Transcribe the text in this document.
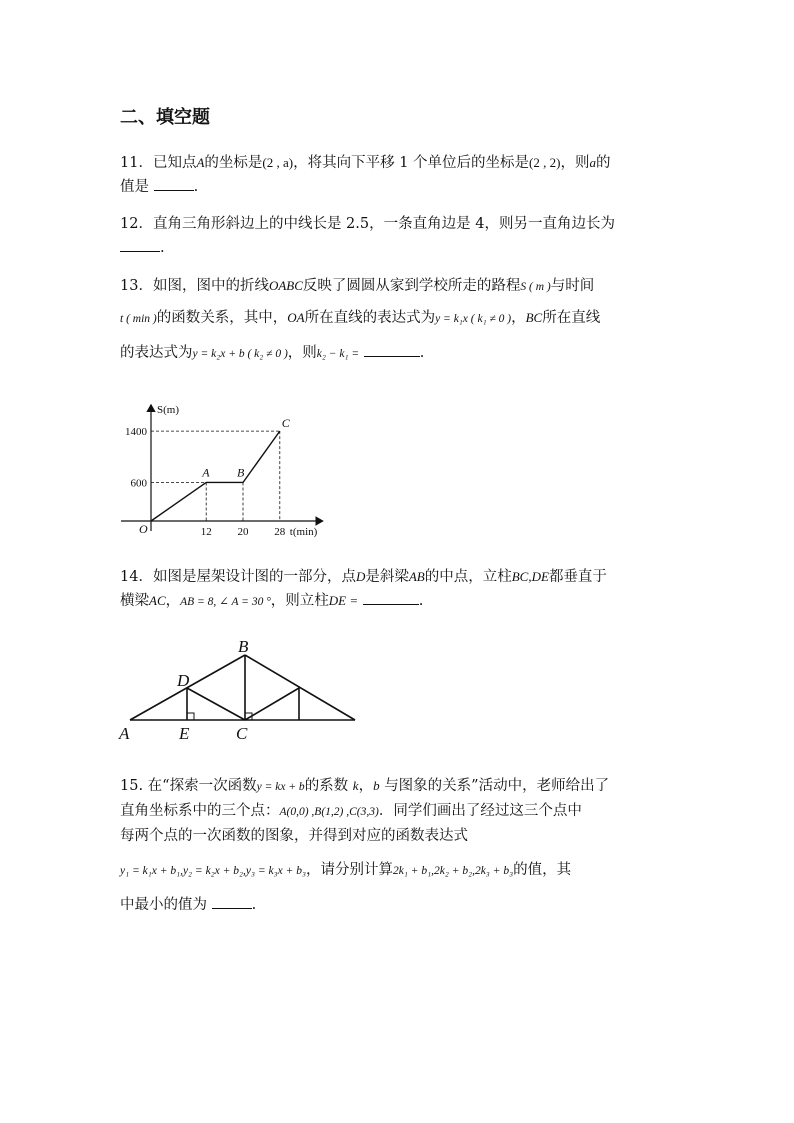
二、填空题

11．已知点A的坐标是(2 , a)，将其向下平移 1 个单位后的坐标是(2 , 2)，则a的

值是	.

12．直角三角形斜边上的中线长是 2.5，一条直角边是 4，则另一直角边长为

.

13．如图，图中的折线OABC反映了圆圆从家到学校所走的路程S ( m )与时间

t ( min )的函数关系，其中，OA所在直线的表达式为y = k₁x ( k₁ ≠ 0 )，BC所在直线

的表达式为y = k₂x + b ( k₂ ≠ 0 )，则k₂ − k₁ =	.

O
A B
C
12 20 28
600
1400
S(m)
t(min)

14．如图是屋架设计图的一部分，点D是斜梁AB的中点，立柱BC,DE都垂直于

横梁AC，AB = 8, ∠ A = 30 °，则立柱DE =	.

A
B
C
D
E

15. 在“探索一次函数y = kx + b的系数 k，b 与图象的关系”活动中，老师给出了

直角坐标系中的三个点：A(0,0) ,B(1,2) ,C(3,3)．同学们画出了经过这三个点中

每两个点的一次函数的图象，并得到对应的函数表达式

y₁ = k₁x + b₁,y₂ = k₂x + b₂,y₃ = k₃x + b₃，请分别计算2k₁ + b₁,2k₂ + b₂,2k₃ + b₃的值，其

中最小的值为	.
